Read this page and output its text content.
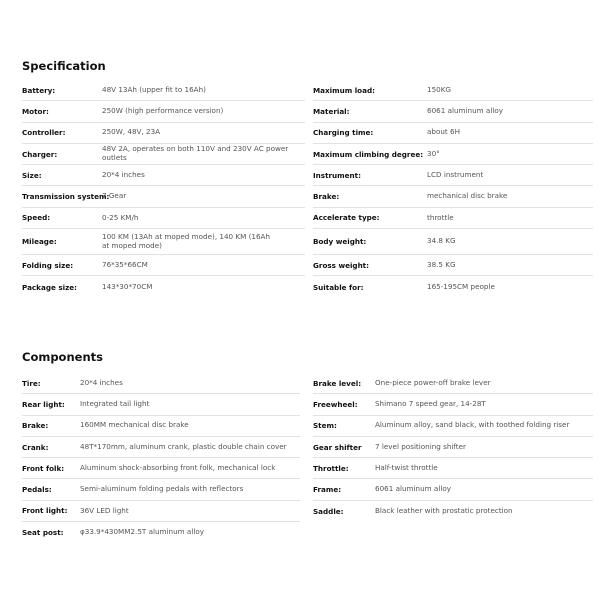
Specification
Battery:	48V 13Ah (upper fit to 16Ah)
Motor:	250W (high performance version)
Controller:	250W, 48V, 23A
Charger:
48V 2A, operates on both 110V and 230V AC power outlets
Size:	20*4 inches
Transmission system:
7 Gear
Speed:	0-25 KM/h
Mileage:
100 KM (13Ah at moped mode), 140 KM (16Ah at moped mode)
Folding size:	76*35*66CM
Package size:	143*30*70CM
Maximum load:	150KG
Material:	6061 aluminum alloy
Charging time:	about 6H
Maximum climbing degree: 30°
Instrument:	LCD instrument
Brake:	mechanical disc brake
Accelerate type:	throttle
Body weight:	34.8 KG
Gross weight:	38.5 KG
Suitable for:	165-195CM people
Components
Tire:	20*4 inches
Rear light:	Integrated tail light
Brake:	160MM mechanical disc brake
Crank:	48T*170mm, aluminum crank, plastic double chain cover
Front folk:	Aluminum shock-absorbing front folk, mechanical lock
Pedals:	Semi-aluminum folding pedals with reflectors
Front light:	36V LED light
Seat post:	φ33.9*430MM2.5T aluminum alloy
Brake level:	One-piece power-off brake lever
Freewheel:	Shimano 7 speed gear, 14-28T
Stem:	Aluminum alloy, sand black, with toothed folding riser
Gear shifter	7 level positioning shifter
Throttle:	Half-twist throttle
Frame:	6061 aluminum alloy
Saddle:	Black leather with prostatic protection
